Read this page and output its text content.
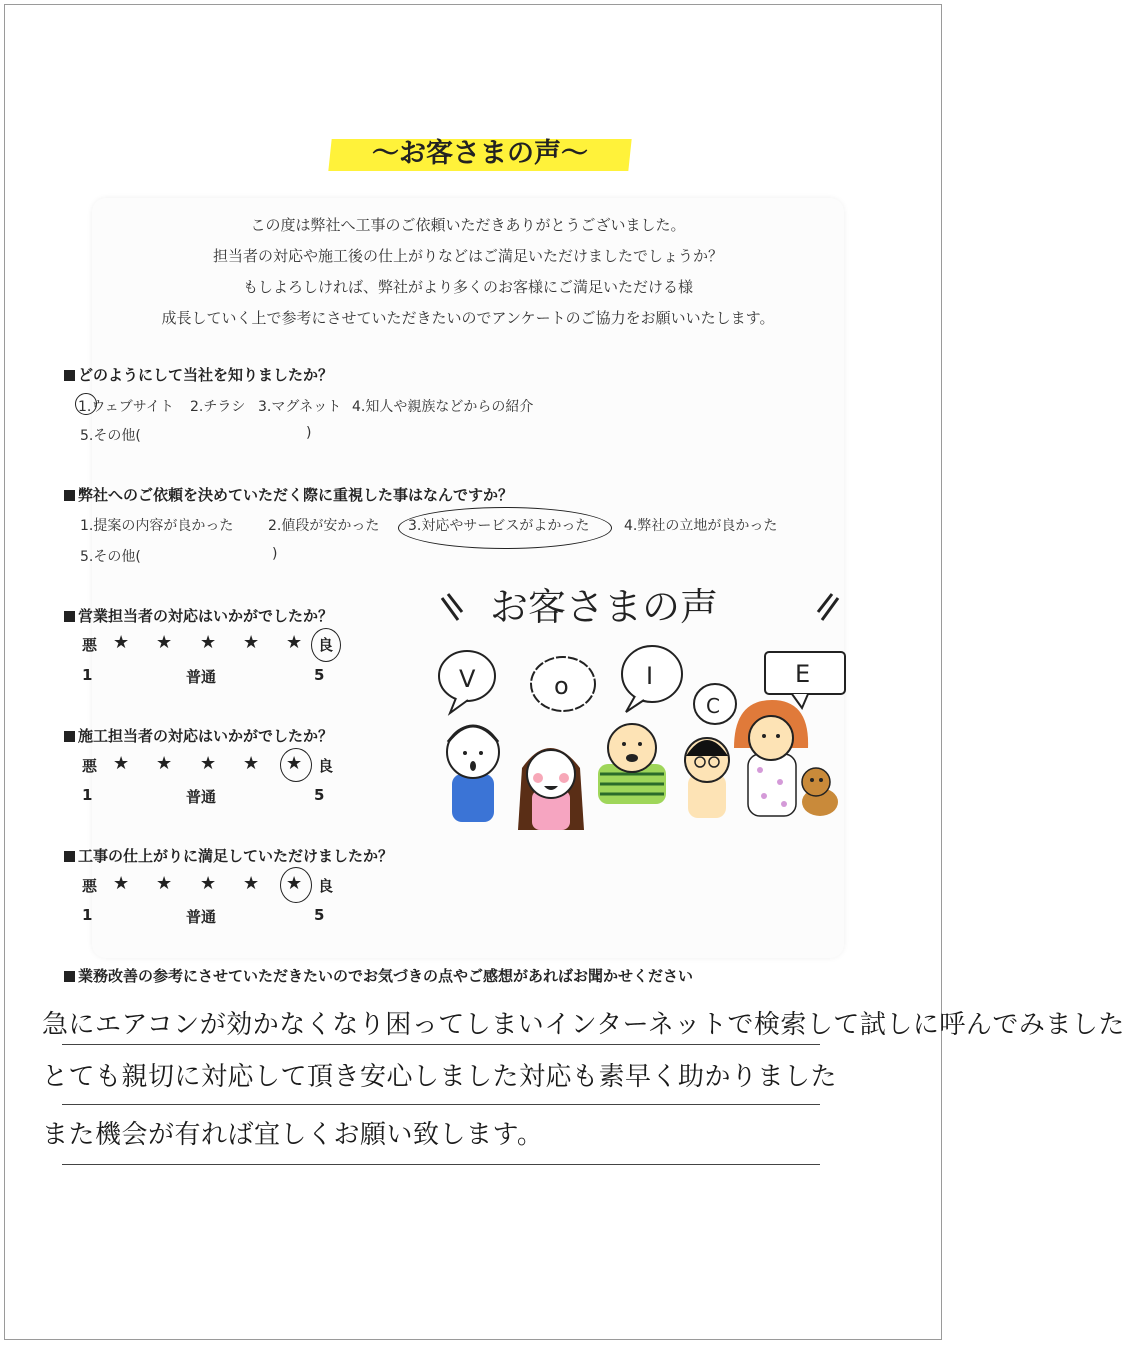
～お客さまの声～
この度は弊社へ工事のご依頼いただきありがとうございました。
担当者の対応や施工後の仕上がりなどはご満足いただけましたでしょうか？
もしよろしければ、弊社がより多くのお客様にご満足いただける様
成長していく上で参考にさせていただきたいのでアンケートのご協力をお願いいたします。
どのようにして当社を知りましたか？
1.ウェブサイト 2.チラシ 3.マグネット 4.知人や親族などからの紹介
5.その他(	)
弊社へのご依頼を決めていただく際に重視した事はなんですか？
1.提案の内容が良かった 2.値段が安かった 3.対応やサービスがよかった 4.弊社の立地が良かった
5.その他(	)
営業担当者の対応はいかがでしたか？
悪 ★ ★ ★ ★ ★ 良
1	普通	5
施工担当者の対応はいかがでしたか？
悪 ★ ★ ★ ★ ★ 良
1	普通	5
工事の仕上がりに満足していただけましたか？
悪 ★ ★ ★ ★ ★ 良
1	普通	5
お客さまの声
V	o	I
C
E
業務改善の参考にさせていただきたいのでお気づきの点やご感想があればお聞かせください
急にエアコンが効かなくなり困ってしまいインターネットで検索して試しに呼んでみました
とても親切に対応して頂き安心しました対応も素早く助かりました
また機会が有れば宜しくお願い致します。
